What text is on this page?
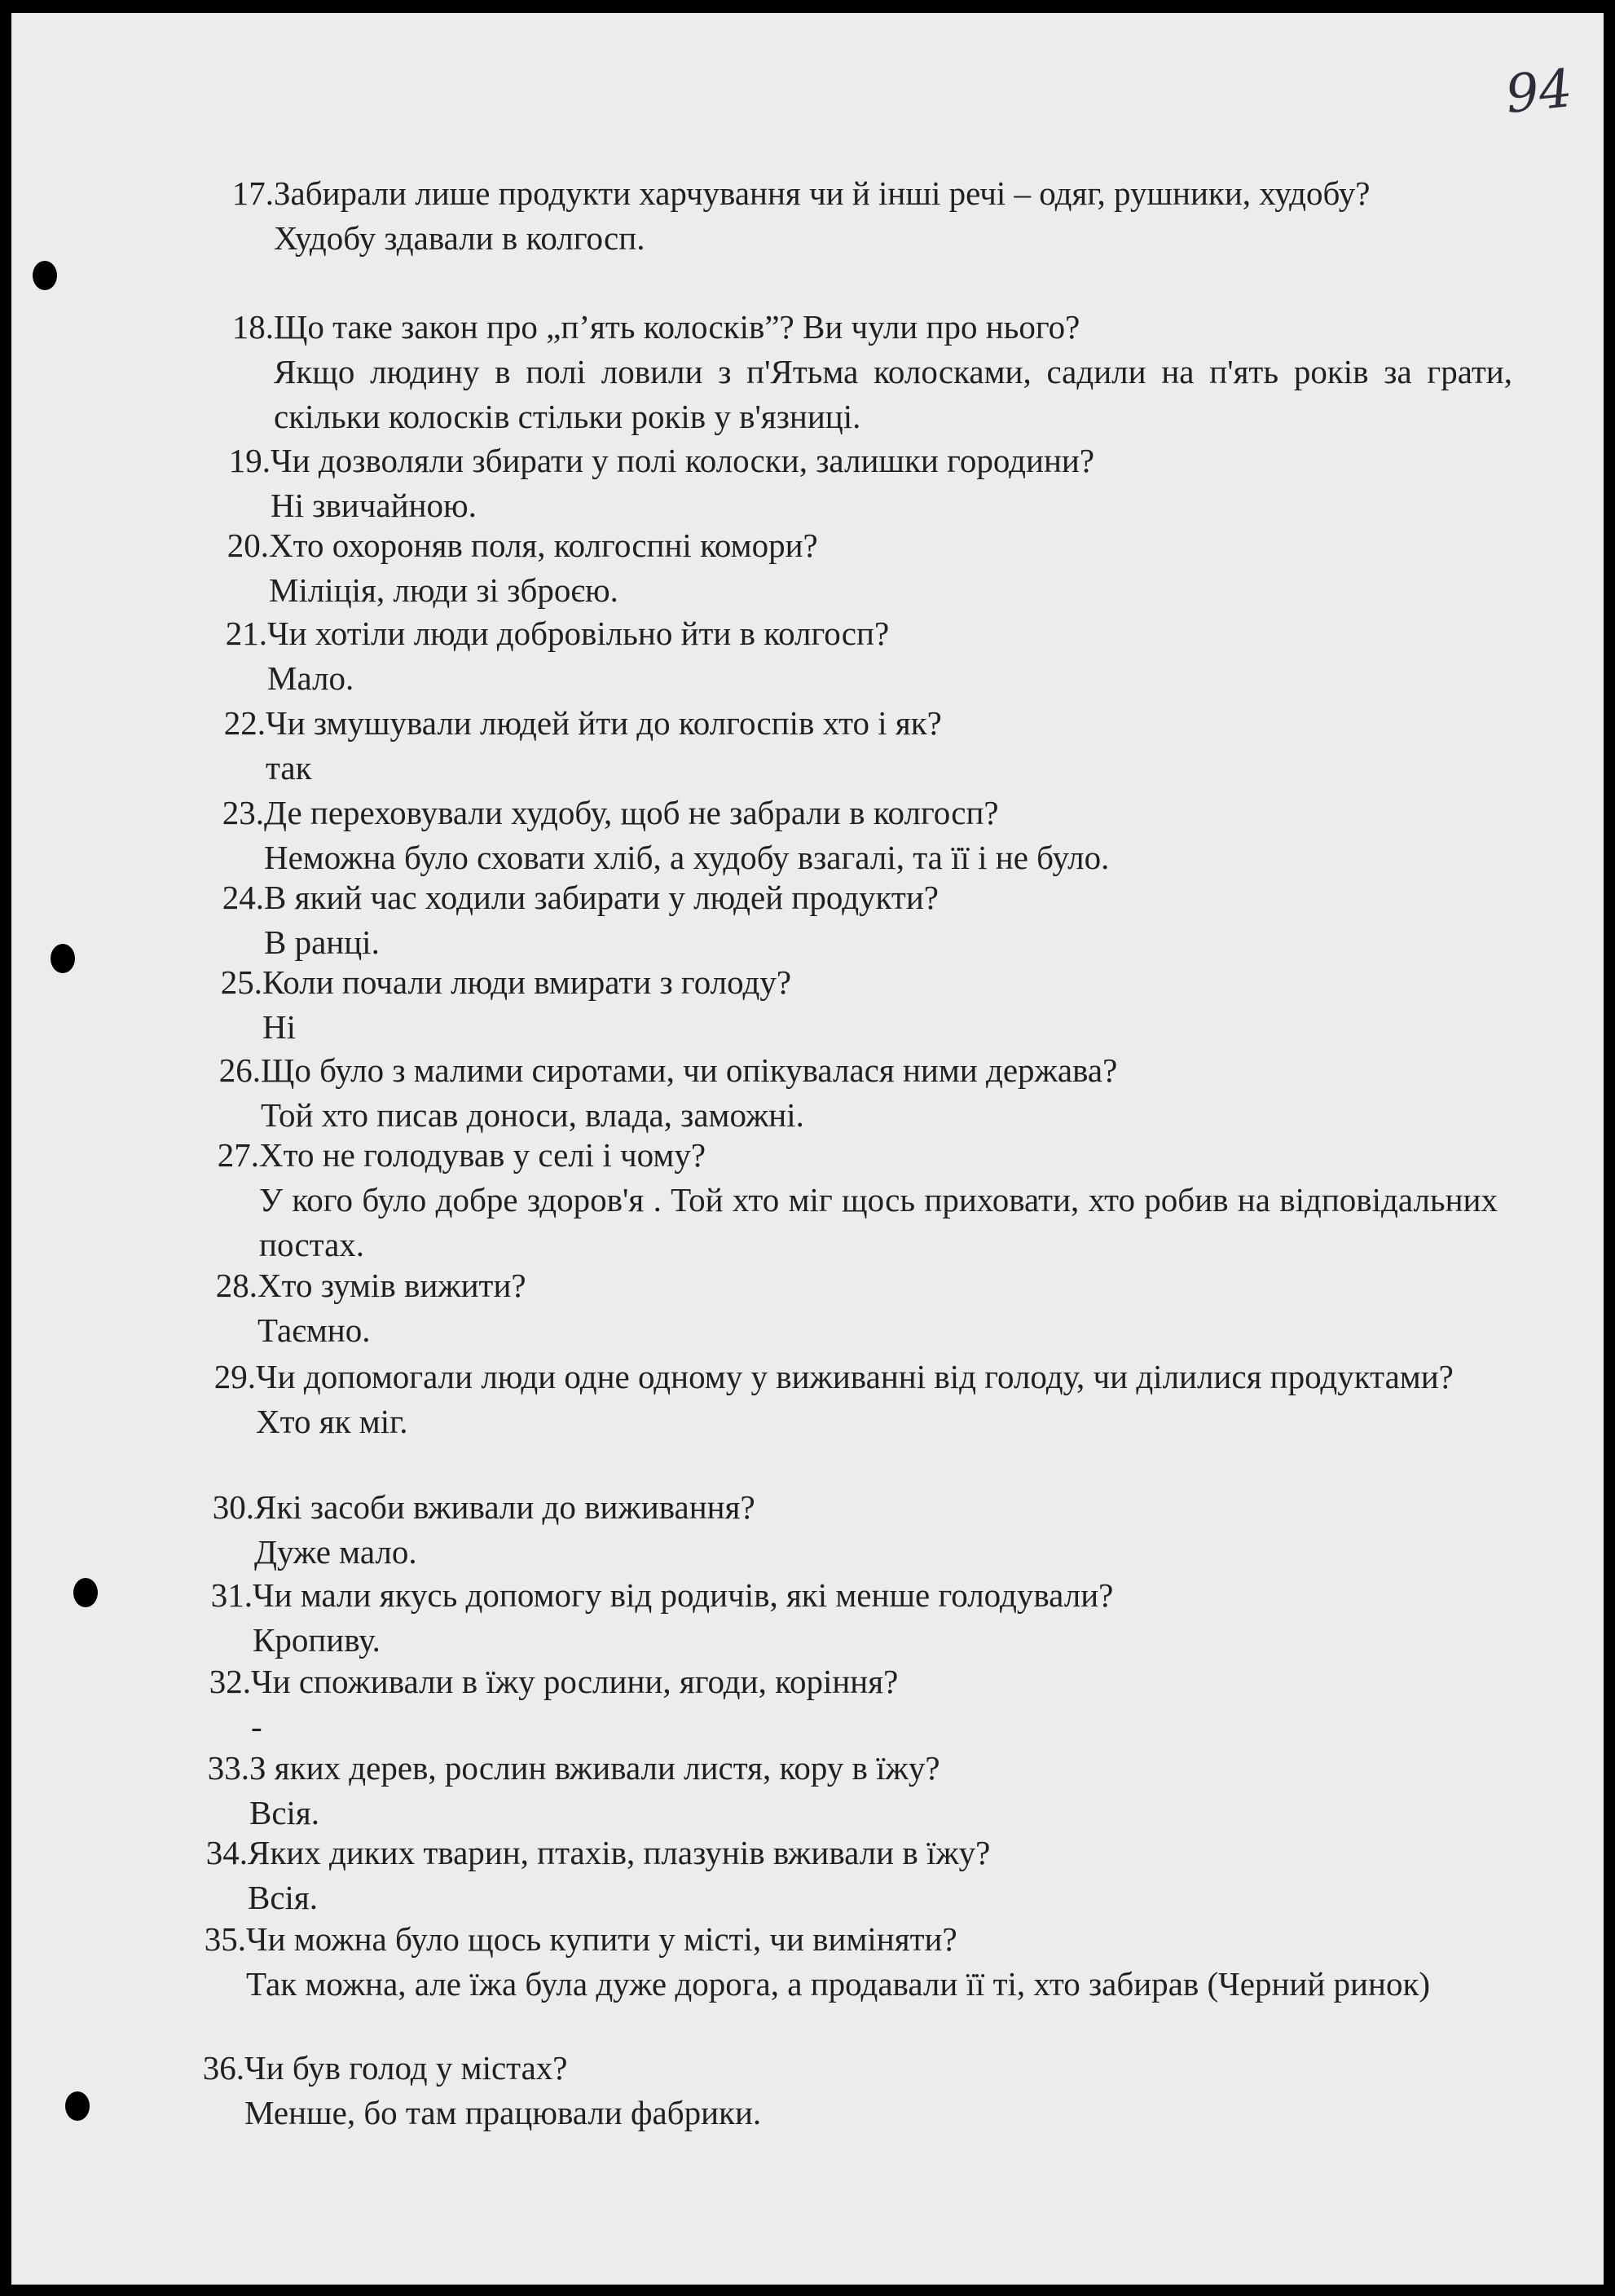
94
17. Забирали лише продукти харчування чи й інші речі – одяг, рушники, худобу?
Худобу здавали в колгосп.
18. Що таке закон про „п’ять колосків”? Ви чули про нього?
Якщо людину в полі ловили з п'Ятьма колосками, садили на п'ять років за грати, скільки колосків стільки років у в'язниці.
19. Чи дозволяли збирати у полі колоски, залишки городини?
Ні звичайною.
20. Хто охороняв поля, колгоспні комори?
Міліція, люди зі зброєю.
21. Чи хотіли люди добровільно йти в колгосп?
Мало.
22. Чи змушували людей йти до колгоспів хто і як?
так
23. Де переховували худобу, щоб не забрали в колгосп?
Неможна було сховати хліб, а худобу взагалі, та її і не було.
24. В який час ходили забирати у людей продукти?
В ранці.
25. Коли почали люди вмирати з голоду?
Ні
26. Що було з малими сиротами, чи опікувалася ними держава?
Той хто писав доноси, влада, заможні.
27. Хто не голодував у селі і чому?
У кого було добре здоров'я . Той хто міг щось приховати, хто робив на відповідальних постах.
28. Хто зумів вижити?
Таємно.
29. Чи допомогали люди одне одному у виживанні від голоду, чи ділилися продуктами?
Хто як міг.
30. Які засоби вживали до виживання?
Дуже мало.
31. Чи мали якусь допомогу від родичів, які менше голодували?
Кропиву.
32. Чи споживали в їжу рослини, ягоди, коріння?
-
33. З яких дерев, рослин вживали листя, кору в їжу?
Всія.
34. Яких диких тварин, птахів, плазунів вживали в їжу?
Всія.
35. Чи можна було щось купити у місті, чи виміняти?
Так можна, але їжа була дуже дорога, а продавали її ті, хто забирав (Черний ринок)
36. Чи був голод у містах?
Менше, бо там працювали фабрики.
